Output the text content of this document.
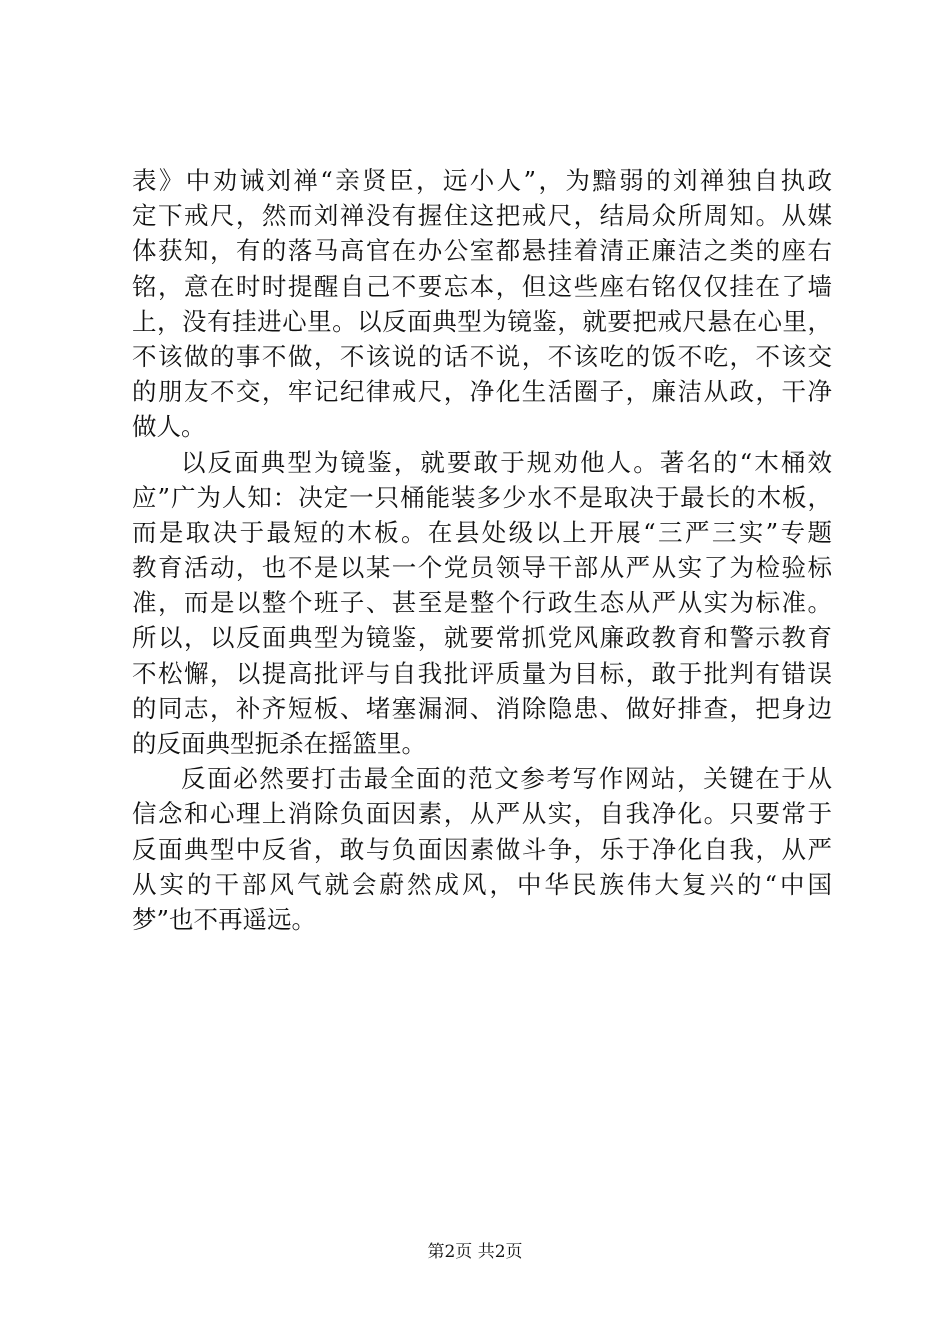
表》中劝诫刘禅“亲贤臣，远小人”，为黯弱的刘禅独自执政
定下戒尺，然而刘禅没有握住这把戒尺，结局众所周知。从媒
体获知，有的落马高官在办公室都悬挂着清正廉洁之类的座右
铭，意在时时提醒自己不要忘本，但这些座右铭仅仅挂在了墙
上，没有挂进心里。以反面典型为镜鉴，就要把戒尺悬在心里，
不该做的事不做，不该说的话不说，不该吃的饭不吃，不该交
的朋友不交，牢记纪律戒尺，净化生活圈子，廉洁从政，干净
做人。
以反面典型为镜鉴，就要敢于规劝他人。著名的“木桶效
应”广为人知：决定一只桶能装多少水不是取决于最长的木板，
而是取决于最短的木板。在县处级以上开展“三严三实”专题
教育活动，也不是以某一个党员领导干部从严从实了为检验标
准，而是以整个班子、甚至是整个行政生态从严从实为标准。
所以，以反面典型为镜鉴，就要常抓党风廉政教育和警示教育
不松懈，以提高批评与自我批评质量为目标，敢于批判有错误
的同志，补齐短板、堵塞漏洞、消除隐患、做好排查，把身边
的反面典型扼杀在摇篮里。
反面必然要打击最全面的范文参考写作网站，关键在于从
信念和心理上消除负面因素，从严从实，自我净化。只要常于
反面典型中反省，敢与负面因素做斗争，乐于净化自我，从严
从实的干部风气就会蔚然成风，中华民族伟大复兴的“中国
梦”也不再遥远。
第2页 共2页
